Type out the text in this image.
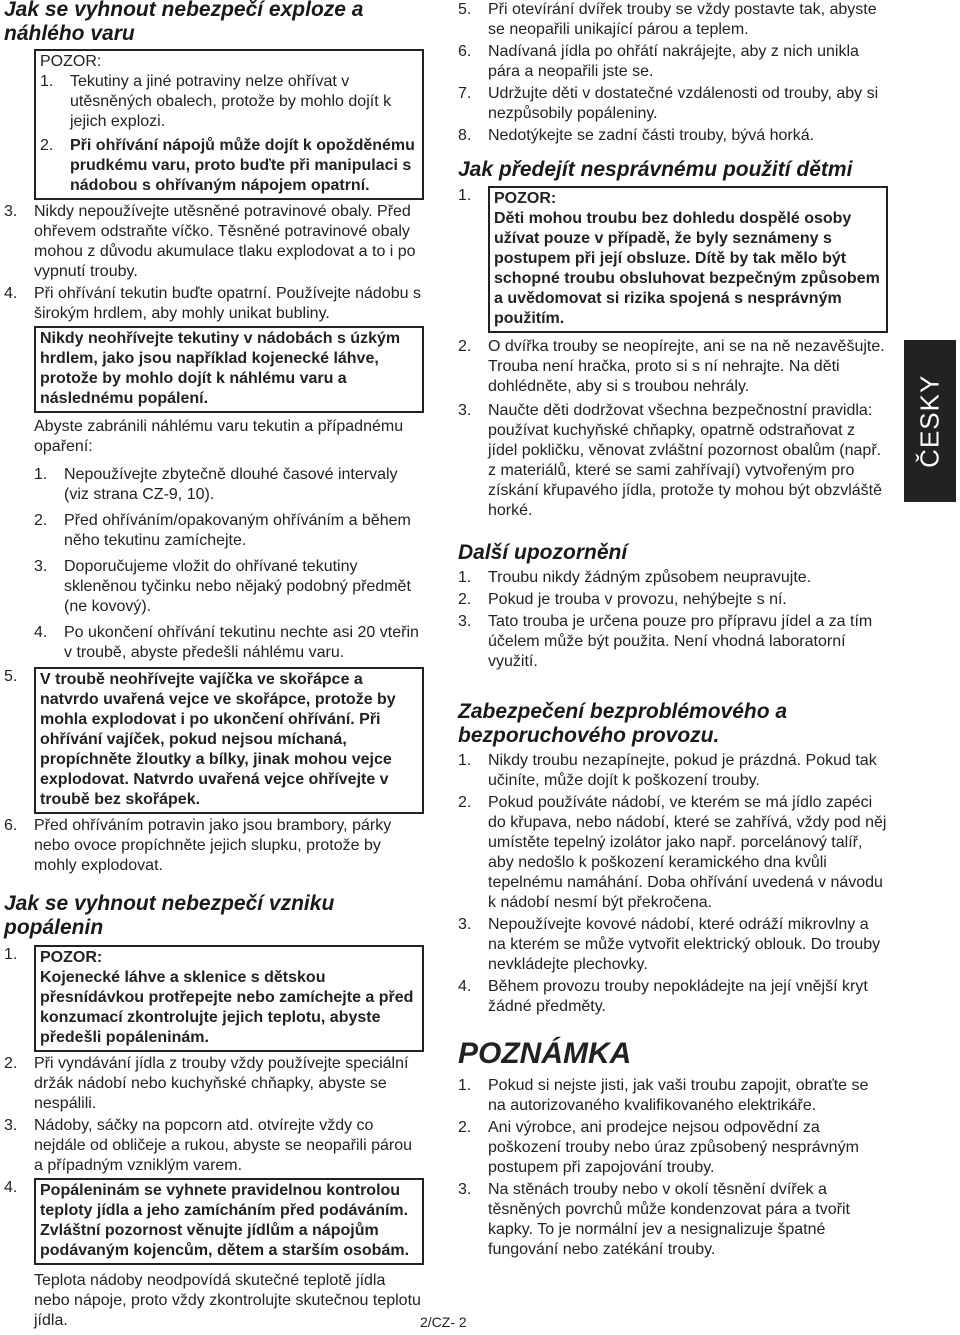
Jak se vyhnout nebezpečí exploze a náhlého varu
POZOR:
1. Tekutiny a jiné potraviny nelze ohřívat v utěsněných obalech, protože by mohlo dojít k jejich explozi.
2. Při ohřívání nápojů může dojít k opožděnému prudkému varu, proto buďte při manipulaci s nádobou s ohřívaným nápojem opatrní.
3. Nikdy nepoužívejte utěsněné potravinové obaly. Před ohřevem odstraňte víčko. Těsněné potravinové obaly mohou z důvodu akumulace tlaku explodovat a to i po vypnutí trouby.
4. Při ohřívání tekutin buďte opatrní. Používejte nádobu s širokým hrdlem, aby mohly unikat bubliny.
Nikdy neohřívejte tekutiny v nádobách s úzkým hrdlem, jako jsou například kojenecké láhve, protože by mohlo dojít k náhlému varu a následnému popálení.
Abyste zabránili náhlému varu tekutin a případnému opaření:
1. Nepoužívejte zbytečně dlouhé časové intervaly (viz strana CZ-9, 10).
2. Před ohříváním/opakovaným ohříváním a během něho tekutinu zamíchejte.
3. Doporučujeme vložit do ohřívané tekutiny skleněnou tyčinku nebo nějaký podobný předmět (ne kovový).
4. Po ukončení ohřívání tekutinu nechte asi 20 vteřin v troubě, abyste předešli náhlému varu.
5.	V troubě neohřívejte vajíčka ve skořápce a natvrdo uvařená vejce ve skořápce, protože by mohla explodovat i po ukončení ohřívání. Při ohřívání vajíček, pokud nejsou míchaná, propíchněte žloutky a bílky, jinak mohou vejce explodovat. Natvrdo uvařená vejce ohřívejte v troubě bez skořápek.
6. Před ohříváním potravin jako jsou brambory, párky nebo ovoce propíchněte jejich slupku, protože by mohly explodovat.
Jak se vyhnout nebezpečí vzniku popálenin
1. POZOR:
Kojenecké láhve a sklenice s dětskou přesnídávkou protřepejte nebo zamíchejte a před konzumací zkontrolujte jejich teplotu, abyste předešli popáleninám.
2. Při vyndávání jídla z trouby vždy používejte speciální držák nádobí nebo kuchyňské chňapky, abyste se nespálili.
3. Nádoby, sáčky na popcorn atd. otvírejte vždy co nejdále od obličeje a rukou, abyste se neopařili párou a případným vzniklým varem.
4.	Popáleninám se vyhnete pravidelnou kontrolou teploty jídla a jeho zamícháním před podáváním. Zvláštní pozornost věnujte jídlům a nápojům podávaným kojencům, dětem a starším osobám.
Teplota nádoby neodpovídá skutečné teplotě jídla nebo nápoje, proto vždy zkontrolujte skutečnou teplotu jídla.
5. Při otevírání dvířek trouby se vždy postavte tak, abyste se neopařili unikající párou a teplem.
6. Nadívaná jídla po ohřátí nakrájejte, aby z nich unikla pára a neopařili jste se.
7. Udržujte děti v dostatečné vzdálenosti od trouby, aby si nezpůsobily popáleniny.
8. Nedotýkejte se zadní části trouby, bývá horká.
Jak předejít nesprávnému použití dětmi
1. POZOR:
Děti mohou troubu bez dohledu dospělé osoby užívat pouze v případě, že byly seznámeny s postupem při její obsluze. Dítě by tak mělo být schopné troubu obsluhovat bezpečným způsobem a uvědomovat si rizika spojená s nesprávným použitím.
2. O dvířka trouby se neopírejte, ani se na ně nezavěšujte. Trouba není hračka, proto si s ní nehrajte. Na děti dohlédněte, aby si s troubou nehrály.
3. Naučte děti dodržovat všechna bezpečnostní pravidla: používat kuchyňské chňapky, opatrně odstraňovat z jídel pokličku, věnovat zvláštní pozornost obalům (např. z materiálů, které se sami zahřívají) vytvořeným pro získání křupavého jídla, protože ty mohou být obzvláště horké.
Další upozornění
1. Troubu nikdy žádným způsobem neupravujte.
2. Pokud je trouba v provozu, nehýbejte s ní.
3. Tato trouba je určena pouze pro přípravu jídel a za tím účelem může být použita. Není vhodná laboratorní využití.
Zabezpečení bezproblémového a bezporuchového provozu.
1. Nikdy troubu nezapínejte, pokud je prázdná. Pokud tak učiníte, může dojít k poškození trouby.
2. Pokud používáte nádobí, ve kterém se má jídlo zapéci do křupava, nebo nádobí, které se zahřívá, vždy pod něj umístěte tepelný izolátor jako např. porcelánový talíř, aby nedošlo k poškození keramického dna kvůli tepelnému namáhání. Doba ohřívání uvedená v návodu k nádobí nesmí být překročena.
3. Nepoužívejte kovové nádobí, které odráží mikrovlny a na kterém se může vytvořit elektrický oblouk. Do trouby nevkládejte plechovky.
4. Během provozu trouby nepokládejte na její vnější kryt žádné předměty.

POZNÁMKA

1. Pokud si nejste jisti, jak vaši troubu zapojit, obraťte se na autorizovaného kvalifikovaného elektrikáře.
2. Ani výrobce, ani prodejce nejsou odpovědní za poškození trouby nebo úraz způsobený nesprávným postupem při zapojování trouby.
3. Na stěnách trouby nebo v okolí těsnění dvířek a těsněných povrchů může kondenzovat pára a tvořit kapky. To je normální jev a nesignalizuje špatné fungování nebo zatékání trouby.
ČESKY
2/CZ- 2
